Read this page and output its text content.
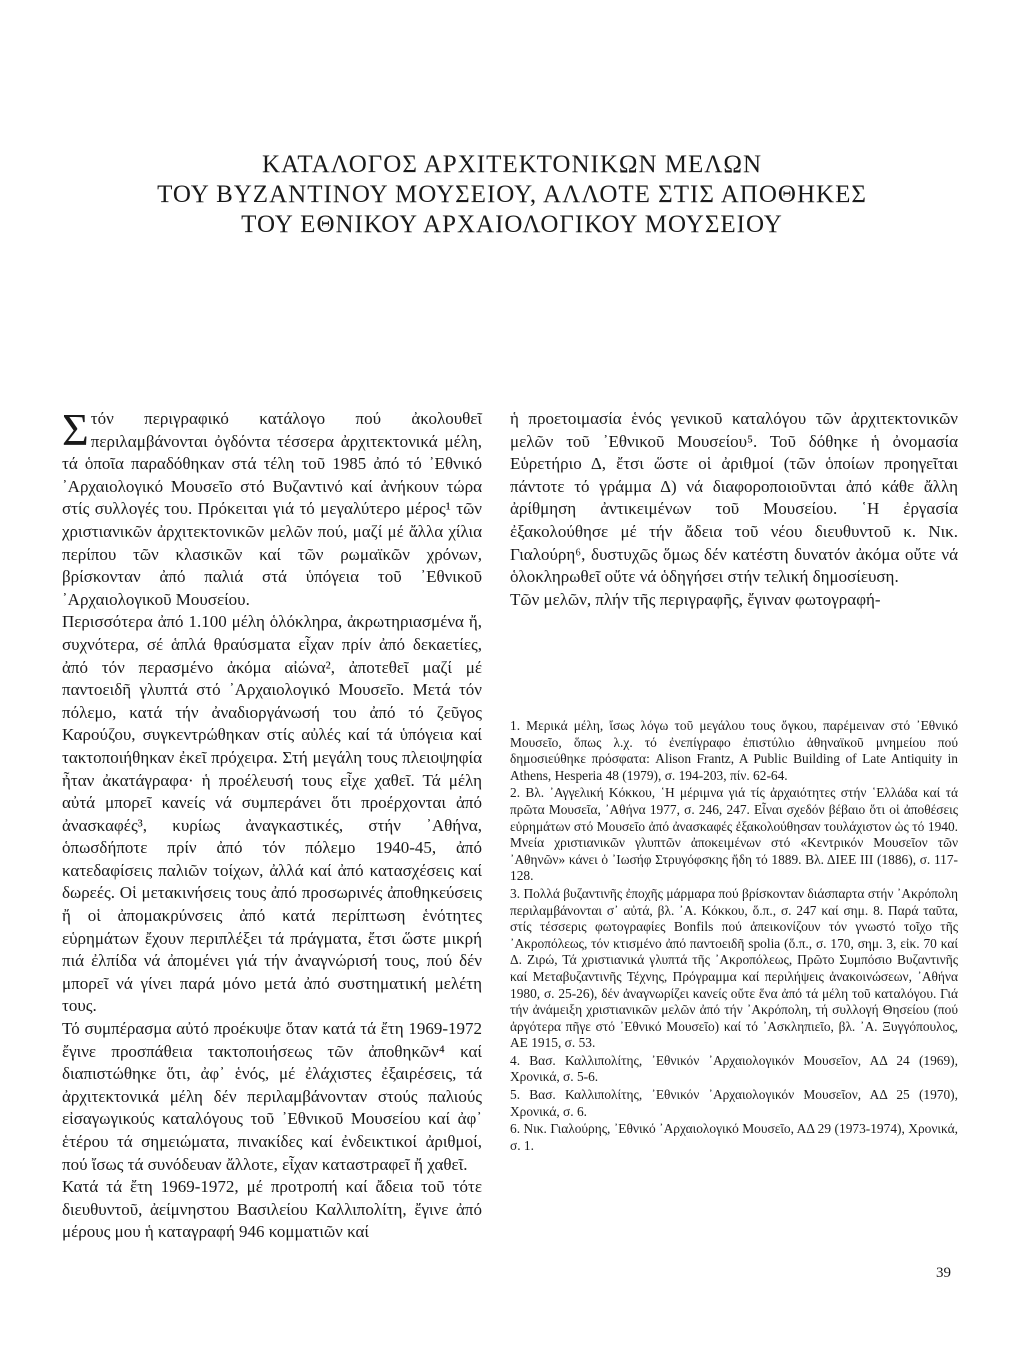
ΚΑΤΑΛΟΓΟΣ ΑΡΧΙΤΕΚΤΟΝΙΚΩΝ ΜΕΛΩΝ
ΤΟΥ ΒΥΖΑΝΤΙΝΟΥ ΜΟΥΣΕΙΟΥ, ΑΛΛΟΤΕ ΣΤΙΣ ΑΠΟΘΗΚΕΣ
ΤΟΥ ΕΘΝΙΚΟΥ ΑΡΧΑΙΟΛΟΓΙΚΟΥ ΜΟΥΣΕΙΟΥ

Στόν περιγραφικό κατάλογο πού ἀκολουθεῖ περιλαμβάνονται ὀγδόντα τέσσερα ἀρχιτεκτονικά μέλη, τά ὁποῖα παραδόθηκαν στά τέλη τοῦ 1985 ἀπό τό ᾿Εθνικό ᾿Αρχαιολογικό Μουσεῖο στό Βυζαντινό καί ἀνήκουν τώρα στίς συλλογές του. Πρόκειται γιά τό μεγαλύτερο μέρος¹ τῶν χριστιανικῶν ἀρχιτεκτονικῶν μελῶν πού, μαζί μέ ἄλλα χίλια περίπου τῶν κλασικῶν καί τῶν ρωμαϊκῶν χρόνων, βρίσκονταν ἀπό παλιά στά ὑπόγεια τοῦ ᾿Εθνικοῦ ᾿Αρχαιολογικοῦ Μουσείου.

Περισσότερα ἀπό 1.100 μέλη ὁλόκληρα, ἀκρωτηριασμένα ἤ, συχνότερα, σέ ἁπλά θραύσματα εἶχαν πρίν ἀπό δεκαετίες, ἀπό τόν περασμένο ἀκόμα αἰώνα², ἀποτεθεῖ μαζί μέ παντοειδῆ γλυπτά στό ᾿Αρχαιολογικό Μουσεῖο. Μετά τόν πόλεμο, κατά τήν ἀναδιοργάνωσή του ἀπό τό ζεῦγος Καρούζου, συγκεντρώθηκαν στίς αὐλές καί τά ὑπόγεια καί τακτοποιήθηκαν ἐκεῖ πρόχειρα. Στή μεγάλη τους πλειοψηφία ἦταν ἀκατάγραφα· ἡ προέλευσή τους εἶχε χαθεῖ. Τά μέλη αὐτά μπορεῖ κανείς νά συμπεράνει ὅτι προέρχονται ἀπό ἀνασκαφές³, κυρίως ἀναγκαστικές, στήν ᾿Αθήνα, ὁπωσδήποτε πρίν ἀπό τόν πόλεμο 1940-45, ἀπό κατεδαφίσεις παλιῶν τοίχων, ἀλλά καί ἀπό κατασχέσεις καί δωρεές. Οἱ μετακινήσεις τους ἀπό προσωρινές ἀποθηκεύσεις ἤ οἱ ἀπομακρύνσεις ἀπό κατά περίπτωση ἑνότητες εὑρημάτων ἔχουν περιπλέξει τά πράγματα, ἔτσι ὥστε μικρή πιά ἐλπίδα νά ἀπομένει γιά τήν ἀναγνώρισή τους, πού δέν μπορεῖ νά γίνει παρά μόνο μετά ἀπό συστηματική μελέτη τους.

Τό συμπέρασμα αὐτό προέκυψε ὅταν κατά τά ἔτη 1969-1972 ἔγινε προσπάθεια τακτοποιήσεως τῶν ἀποθηκῶν⁴ καί διαπιστώθηκε ὅτι, ἀφ᾿ ἑνός, μέ ἐλάχιστες ἐξαιρέσεις, τά ἀρχιτεκτονικά μέλη δέν περιλαμβάνονταν στούς παλιούς εἰσαγωγικούς καταλόγους τοῦ ᾿Εθνικοῦ Μουσείου καί ἀφ᾿ ἑτέρου τά σημειώματα, πινακίδες καί ἐνδεικτικοί ἀριθμοί, πού ἴσως τά συνόδευαν ἄλλοτε, εἶχαν καταστραφεῖ ἤ χαθεῖ.

Κατά τά ἔτη 1969-1972, μέ προτροπή καί ἄδεια τοῦ τότε διευθυντοῦ, ἀείμνηστου Βασιλείου Καλλιπολίτη, ἔγινε ἀπό μέρους μου ἡ καταγραφή 946 κομματιῶν καί

ἡ προετοιμασία ἑνός γενικοῦ καταλόγου τῶν ἀρχιτεκτονικῶν μελῶν τοῦ ᾿Εθνικοῦ Μουσείου⁵. Τοῦ δόθηκε ἡ ὀνομασία Εὑρετήριο Δ, ἔτσι ὥστε οἱ ἀριθμοί (τῶν ὁποίων προηγεῖται πάντοτε τό γράμμα Δ) νά διαφοροποιοῦνται ἀπό κάθε ἄλλη ἀρίθμηση ἀντικειμένων τοῦ Μουσείου. ῾Η ἐργασία ἐξακολούθησε μέ τήν ἄδεια τοῦ νέου διευθυντοῦ κ. Νικ. Γιαλούρη⁶, δυστυχῶς ὅμως δέν κατέστη δυνατόν ἀκόμα οὔτε νά ὁλοκληρωθεῖ οὔτε νά ὁδηγήσει στήν τελική δημοσίευση.

Τῶν μελῶν, πλήν τῆς περιγραφῆς, ἔγιναν φωτογραφή-

1. Μερικά μέλη, ἴσως λόγω τοῦ μεγάλου τους ὄγκου, παρέμειναν στό ᾿Εθνικό Μουσεῖο, ὅπως λ.χ. τό ἐνεπίγραφο ἐπιστύλιο ἀθηναϊκοῦ μνημείου πού δημοσιεύθηκε πρόσφατα: Alison Frantz, A Public Building of Late Antiquity in Athens, Hesperia 48 (1979), σ. 194-203, πίν. 62-64.

2. Βλ. ᾿Αγγελική Κόκκου, ῾Η μέριμνα γιά τίς ἀρχαιότητες στήν ῾Ελλάδα καί τά πρῶτα Μουσεῖα, ᾿Αθήνα 1977, σ. 246, 247. Εἶναι σχεδόν βέβαιο ὅτι οἱ ἀποθέσεις εὑρημάτων στό Μουσεῖο ἀπό ἀνασκαφές ἐξακολούθησαν τουλάχιστον ὡς τό 1940. Μνεία χριστιανικῶν γλυπτῶν ἀποκειμένων στό «Κεντρικόν Μουσεῖον τῶν ᾿Αθηνῶν» κάνει ὁ ᾿Ιωσήφ Στρυγόφσκης ἤδη τό 1889. Βλ. ΔΙΕΕ ΙΙΙ (1886), σ. 117-128.

3. Πολλά βυζαντινῆς ἐποχῆς μάρμαρα πού βρίσκονταν διάσπαρτα στήν ᾿Ακρόπολη περιλαμβάνονται σ᾿ αὐτά, βλ. ᾿Α. Κόκκου, ὅ.π., σ. 247 καί σημ. 8. Παρά ταῦτα, στίς τέσσερις φωτογραφίες Bonfils πού ἀπεικονίζουν τόν γνωστό τοῖχο τῆς ᾿Ακροπόλεως, τόν κτισμένο ἀπό παντοειδῆ spolia (ὅ.π., σ. 170, σημ. 3, εἰκ. 70 καί Δ. Ζιρώ, Τά χριστιανικά γλυπτά τῆς ᾿Ακροπόλεως, Πρῶτο Συμπόσιο Βυζαντινῆς καί Μεταβυζαντινῆς Τέχνης, Πρόγραμμα καί περιλήψεις ἀνακοινώσεων, ᾿Αθήνα 1980, σ. 25-26), δέν ἀναγνωρίζει κανείς οὔτε ἕνα ἀπό τά μέλη τοῦ καταλόγου. Γιά τήν ἀνάμειξη χριστιανικῶν μελῶν ἀπό τήν ᾿Ακρόπολη, τή συλλογή Θησείου (πού ἀργότερα πῆγε στό ᾿Εθνικό Μουσεῖο) καί τό ᾿Ασκληπιεῖο, βλ. ᾿Α. Ξυγγόπουλος, ΑΕ 1915, σ. 53.

4. Βασ. Καλλιπολίτης, ᾿Εθνικόν ᾿Αρχαιολογικόν Μουσεῖον, ΑΔ 24 (1969), Χρονικά, σ. 5-6.

5. Βασ. Καλλιπολίτης, ᾿Εθνικόν ᾿Αρχαιολογικόν Μουσεῖον, ΑΔ 25 (1970), Χρονικά, σ. 6.

6. Νικ. Γιαλούρης, ᾿Εθνικό ᾿Αρχαιολογικό Μουσεῖο, ΑΔ 29 (1973-1974), Χρονικά, σ. 1.

39
